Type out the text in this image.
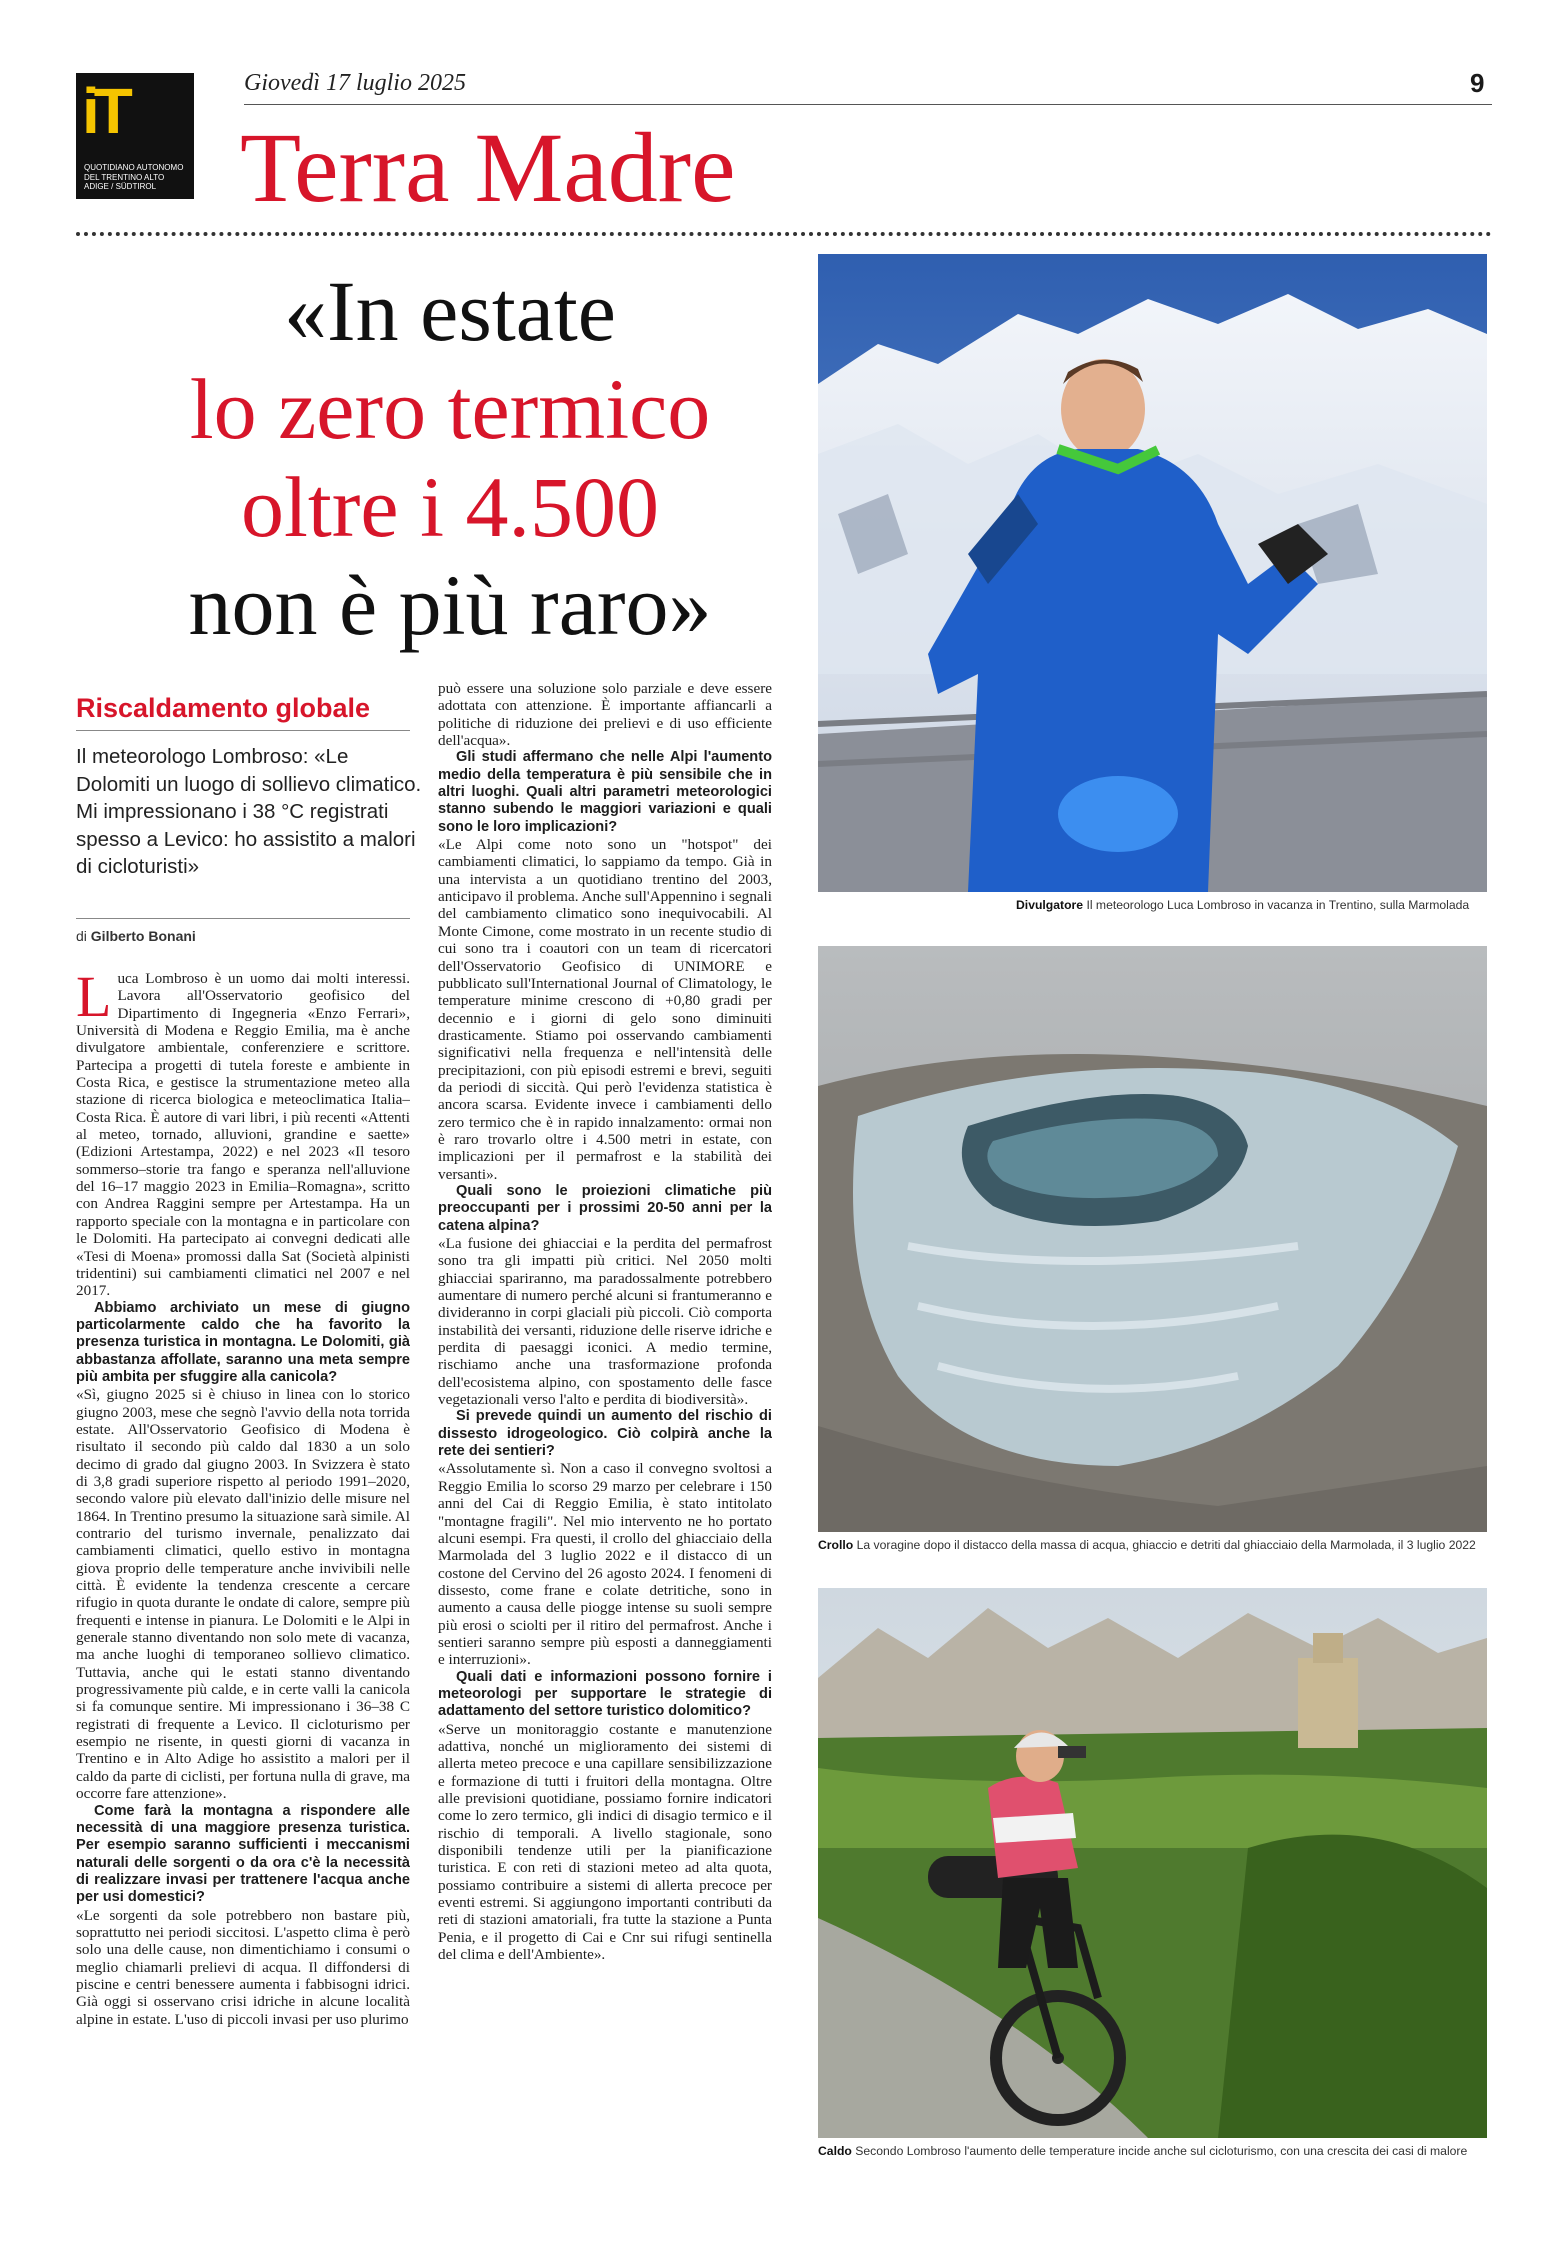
iT
QUOTIDIANO AUTONOMO DEL TRENTINO ALTO ADIGE / SÜDTIROL
Giovedì 17 luglio 2025	9
Terra Madre
«In estate
lo zero termico
oltre i 4.500
non è più raro»
Riscaldamento globale
Il meteorologo Lombroso: «Le Dolomiti un luogo di sollievo climatico. Mi impressionano i 38 °C registrati spesso a Levico: ho assistito a malori di cicloturisti»
di Gilberto Bonani

Luca Lombroso è un uomo dai molti interessi. Lavora all'Osservatorio geofisico del Dipartimento di Ingegneria «Enzo Ferrari», Università di Modena e Reggio Emilia, ma è anche divulgatore ambientale, conferenziere e scrittore. Partecipa a progetti di tutela foreste e ambiente in Costa Rica, e gestisce la strumentazione meteo alla stazione di ricerca biologica e meteoclimatica Italia–Costa Rica. È autore di vari libri, i più recenti «Attenti al meteo, tornado, alluvioni, grandine e saette» (Edizioni Artestampa, 2022) e nel 2023 «Il tesoro sommerso–storie tra fango e speranza nell'alluvione del 16–17 maggio 2023 in Emilia–Romagna», scritto con Andrea Raggini sempre per Artestampa. Ha un rapporto speciale con la montagna e in particolare con le Dolomiti. Ha partecipato ai convegni dedicati alle «Tesi di Moena» promossi dalla Sat (Società alpinisti tridentini) sui cambiamenti climatici nel 2007 e nel 2017.

Abbiamo archiviato un mese di giugno particolarmente caldo che ha favorito la presenza turistica in montagna. Le Dolomiti, già abbastanza affollate, saranno una meta sempre più ambita per sfuggire alla canicola?

«Sì, giugno 2025 si è chiuso in linea con lo storico giugno 2003, mese che segnò l'avvio della nota torrida estate. All'Osservatorio Geofisico di Modena è risultato il secondo più caldo dal 1830 a un solo decimo di grado dal giugno 2003. In Svizzera è stato di 3,8 gradi superiore rispetto al periodo 1991–2020, secondo valore più elevato dall'inizio delle misure nel 1864. In Trentino presumo la situazione sarà simile. Al contrario del turismo invernale, penalizzato dai cambiamenti climatici, quello estivo in montagna giova proprio delle temperature anche invivibili nelle città. È evidente la tendenza crescente a cercare rifugio in quota durante le ondate di calore, sempre più frequenti e intense in pianura. Le Dolomiti e le Alpi in generale stanno diventando non solo mete di vacanza, ma anche luoghi di temporaneo sollievo climatico. Tuttavia, anche qui le estati stanno diventando progressivamente più calde, e in certe valli la canicola si fa comunque sentire. Mi impressionano i 36–38 C registrati di frequente a Levico. Il cicloturismo per esempio ne risente, in questi giorni di vacanza in Trentino e in Alto Adige ho assistito a malori per il caldo da parte di ciclisti, per fortuna nulla di grave, ma occorre fare attenzione».

Come farà la montagna a rispondere alle necessità di una maggiore presenza turistica. Per esempio saranno sufficienti i meccanismi naturali delle sorgenti o da ora c'è la necessità di realizzare invasi per trattenere l'acqua anche per usi domestici?

«Le sorgenti da sole potrebbero non bastare più, soprattutto nei periodi siccitosi. L'aspetto clima è però solo una delle cause, non dimentichiamo i consumi o meglio chiamarli prelievi di acqua. Il diffondersi di piscine e centri benessere aumenta i fabbisogni idrici. Già oggi si osservano crisi idriche in alcune località alpine in estate. L'uso di piccoli invasi per uso plurimo

può essere una soluzione solo parziale e deve essere adottata con attenzione. È importante affiancarli a politiche di riduzione dei prelievi e di uso efficiente dell'acqua».

Gli studi affermano che nelle Alpi l'aumento medio della temperatura è più sensibile che in altri luoghi. Quali altri parametri meteorologici stanno subendo le maggiori variazioni e quali sono le loro implicazioni?

«Le Alpi come noto sono un "hotspot" dei cambiamenti climatici, lo sappiamo da tempo. Già in una intervista a un quotidiano trentino del 2003, anticipavo il problema. Anche sull'Appennino i segnali del cambiamento climatico sono inequivocabili. Al Monte Cimone, come mostrato in un recente studio di cui sono tra i coautori con un team di ricercatori dell'Osservatorio Geofisico di UNIMORE e pubblicato sull'International Journal of Climatology, le temperature minime crescono di +0,80 gradi per decennio e i giorni di gelo sono diminuiti drasticamente. Stiamo poi osservando cambiamenti significativi nella frequenza e nell'intensità delle precipitazioni, con più episodi estremi e brevi, seguiti da periodi di siccità. Qui però l'evidenza statistica è ancora scarsa. Evidente invece i cambiamenti dello zero termico che è in rapido innalzamento: ormai non è raro trovarlo oltre i 4.500 metri in estate, con implicazioni per il permafrost e la stabilità dei versanti».

Quali sono le proiezioni climatiche più preoccupanti per i prossimi 20-50 anni per la catena alpina?

«La fusione dei ghiacciai e la perdita del permafrost sono tra gli impatti più critici. Nel 2050 molti ghiacciai spariranno, ma paradossalmente potrebbero aumentare di numero perché alcuni si frantumeranno e divideranno in corpi glaciali più piccoli. Ciò comporta instabilità dei versanti, riduzione delle riserve idriche e perdita di paesaggi iconici. A medio termine, rischiamo anche una trasformazione profonda dell'ecosistema alpino, con spostamento delle fasce vegetazionali verso l'alto e perdita di biodiversità».

Si prevede quindi un aumento del rischio di dissesto idrogeologico. Ciò colpirà anche la rete dei sentieri?

«Assolutamente sì. Non a caso il convegno svoltosi a Reggio Emilia lo scorso 29 marzo per celebrare i 150 anni del Cai di Reggio Emilia, è stato intitolato "montagne fragili". Nel mio intervento ne ho portato alcuni esempi. Fra questi, il crollo del ghiacciaio della Marmolada del 3 luglio 2022 e il distacco di un costone del Cervino del 26 agosto 2024. I fenomeni di dissesto, come frane e colate detritiche, sono in aumento a causa delle piogge intense su suoli sempre più erosi o sciolti per il ritiro del permafrost. Anche i sentieri saranno sempre più esposti a danneggiamenti e interruzioni».

Quali dati e informazioni possono fornire i meteorologi per supportare le strategie di adattamento del settore turistico dolomitico?

«Serve un monitoraggio costante e manutenzione adattiva, nonché un miglioramento dei sistemi di allerta meteo precoce e una capillare sensibilizzazione e formazione di tutti i fruitori della montagna. Oltre alle previsioni quotidiane, possiamo fornire indicatori come lo zero termico, gli indici di disagio termico e il rischio di temporali. A livello stagionale, sono disponibili tendenze utili per la pianificazione turistica. E con reti di stazioni meteo ad alta quota, possiamo contribuire a sistemi di allerta precoce per eventi estremi. Si aggiungono importanti contributi da reti di stazioni amatoriali, fra tutte la stazione a Punta Penia, e il progetto di Cai e Cnr sui rifugi sentinella del clima e dell'Ambiente».

Divulgatore Il meteorologo Luca Lombroso in vacanza in Trentino, sulla Marmolada
Crollo La voragine dopo il distacco della massa di acqua, ghiaccio e detriti dal ghiacciaio della Marmolada, il 3 luglio 2022
Caldo Secondo Lombroso l'aumento delle temperature incide anche sul cicloturismo, con una crescita dei casi di malore
